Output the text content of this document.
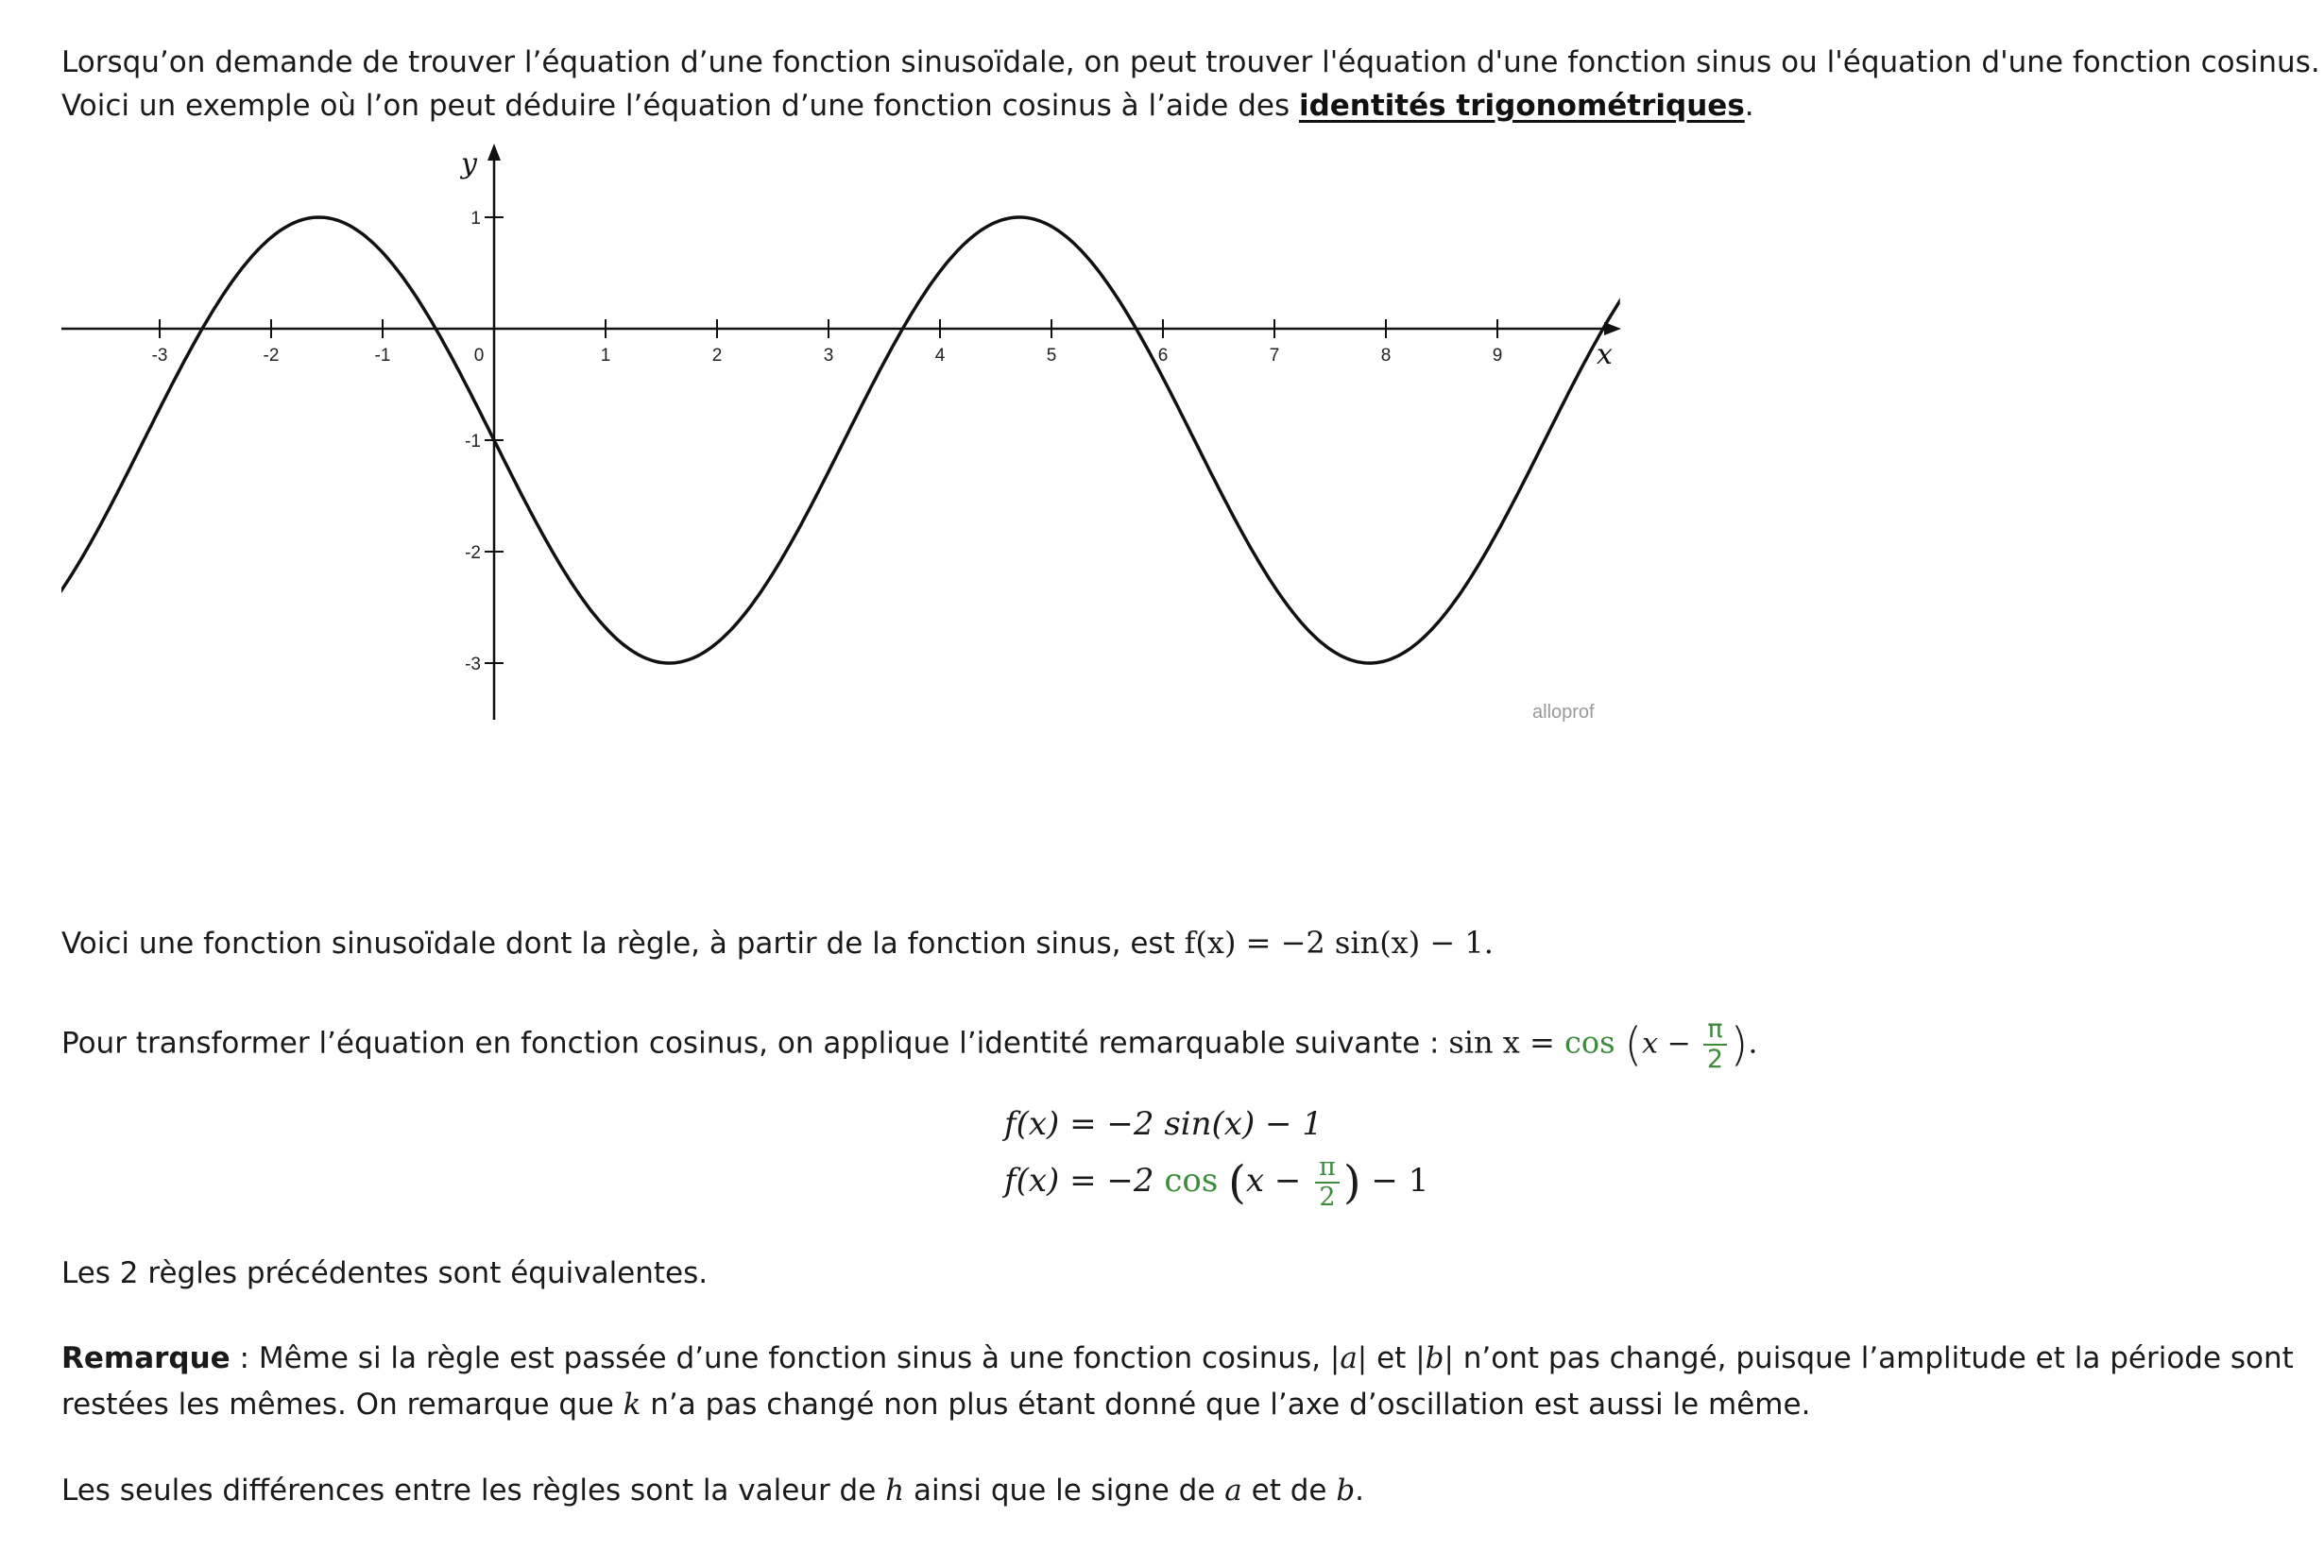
Lorsqu’on demande de trouver l’équation d’une fonction sinusoïdale, on peut trouver l'équation d'une fonction sinus ou l'équation d'une fonction cosinus.

Voici un exemple où l’on peut déduire l’équation d’une fonction cosinus à l’aide des identités trigonométriques.

-3	-2	-1	0	1	2	3	4	5	6	7	8	9
1
-1
-2
-3
x
y
alloprof

Voici une fonction sinusoïdale dont la règle, à partir de la fonction sinus, est f(x) = −2 sin(x) − 1.

Pour transformer l’équation en fonction cosinus, on applique l’identité remarquable suivante : $\sin x = \cos (x - \frac{\pi}{2}$ ).

f(x) = −2 sin(x) − 1
f(x) = −2 $\cos (x - \frac{\pi}{2}$ ) − 1

Les 2 règles précédentes sont équivalentes.

Remarque : Même si la règle est passée d’une fonction sinus à une fonction cosinus, |a| et |b| n’ont pas changé, puisque l’amplitude et la période sont

restées les mêmes. On remarque que k n’a pas changé non plus étant donné que l’axe d’oscillation est aussi le même.

Les seules différences entre les règles sont la valeur de h ainsi que le signe de a et de b.
